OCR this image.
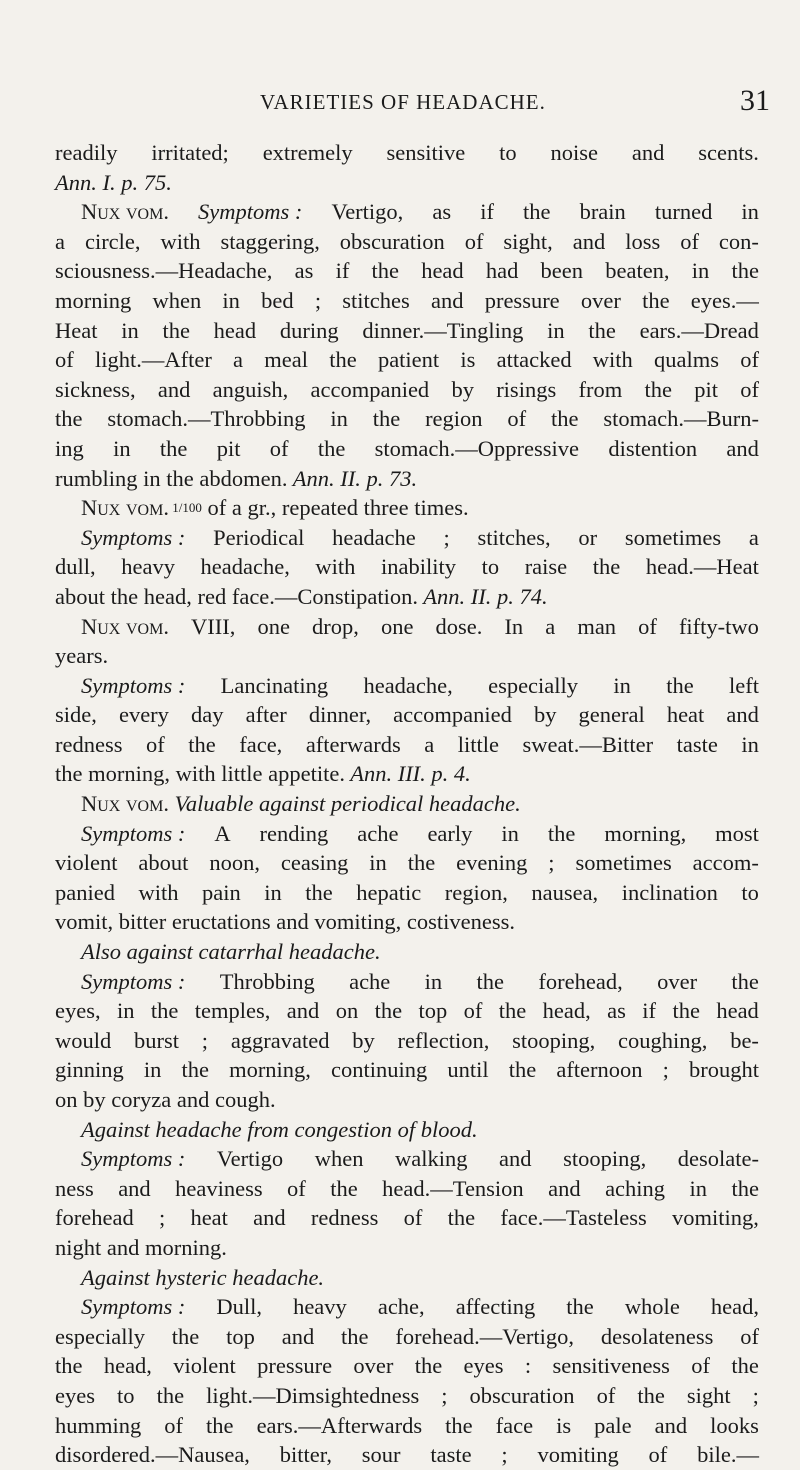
VARIETIES OF HEADACHE.	31
readily irritated; extremely sensitive to noise and scents.
Ann. I. p. 75.
Nux vom. Symptoms : Vertigo, as if the brain turned in
a circle, with staggering, obscuration of sight, and loss of con-
sciousness.—Headache, as if the head had been beaten, in the
morning when in bed ; stitches and pressure over the eyes.—
Heat in the head during dinner.—Tingling in the ears.—Dread
of light.—After a meal the patient is attacked with qualms of
sickness, and anguish, accompanied by risings from the pit of
the stomach.—Throbbing in the region of the stomach.—Burn-
ing in the pit of the stomach.—Oppressive distention and
rumbling in the abdomen. Ann. II. p. 73.
Nux vom. 1/100 of a gr., repeated three times.
Symptoms : Periodical headache ; stitches, or sometimes a
dull, heavy headache, with inability to raise the head.—Heat
about the head, red face.—Constipation. Ann. II. p. 74.
Nux vom. VIII, one drop, one dose. In a man of fifty-two
years.
Symptoms : Lancinating headache, especially in the left
side, every day after dinner, accompanied by general heat and
redness of the face, afterwards a little sweat.—Bitter taste in
the morning, with little appetite. Ann. III. p. 4.
Nux vom. Valuable against periodical headache.
Symptoms : A rending ache early in the morning, most
violent about noon, ceasing in the evening ; sometimes accom-
panied with pain in the hepatic region, nausea, inclination to
vomit, bitter eructations and vomiting, costiveness.
Also against catarrhal headache.
Symptoms : Throbbing ache in the forehead, over the
eyes, in the temples, and on the top of the head, as if the head
would burst ; aggravated by reflection, stooping, coughing, be-
ginning in the morning, continuing until the afternoon ; brought
on by coryza and cough.
Against headache from congestion of blood.
Symptoms : Vertigo when walking and stooping, desolate-
ness and heaviness of the head.—Tension and aching in the
forehead ; heat and redness of the face.—Tasteless vomiting,
night and morning.
Against hysteric headache.
Symptoms : Dull, heavy ache, affecting the whole head,
especially the top and the forehead.—Vertigo, desolateness of
the head, violent pressure over the eyes : sensitiveness of the
eyes to the light.—Dimsightedness ; obscuration of the sight ;
humming of the ears.—Afterwards the face is pale and looks
disordered.—Nausea, bitter, sour taste ; vomiting of bile.—
